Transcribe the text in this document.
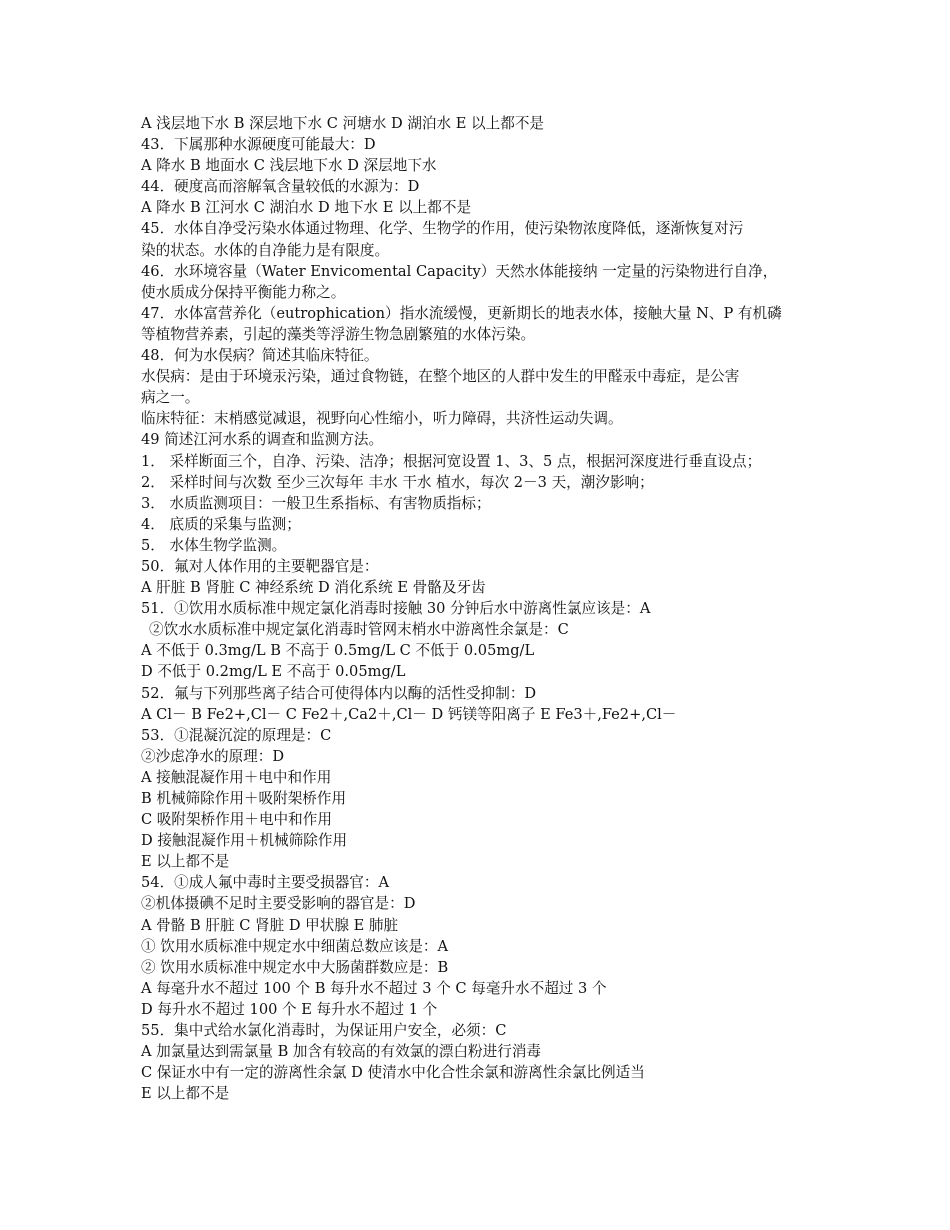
A 浅层地下水 B 深层地下水 C 河塘水 D 湖泊水 E 以上都不是
43．下属那种水源硬度可能最大：D
A 降水 B 地面水 C 浅层地下水 D 深层地下水
44．硬度高而溶解氧含量较低的水源为：D
A 降水 B 江河水 C 湖泊水 D 地下水 E 以上都不是
45．水体自净受污染水体通过物理、化学、生物学的作用，使污染物浓度降低，逐渐恢复对污
染的状态。水体的自净能力是有限度。
46．水环境容量（Water Envicomental Capacity）天然水体能接纳 一定量的污染物进行自净，
使水质成分保持平衡能力称之。
47．水体富营养化（eutrophication）指水流缓慢，更新期长的地表水体，接触大量 N、P 有机磷
等植物营养素，引起的藻类等浮游生物急剧繁殖的水体污染。
48．何为水俣病？简述其临床特征。
水俣病：是由于环境汞污染，通过食物链，在整个地区的人群中发生的甲醛汞中毒症，是公害
病之一。
临床特征：末梢感觉减退，视野向心性缩小，听力障碍，共济性运动失调。
49 简述江河水系的调查和监测方法。
1． 采样断面三个，自净、污染、洁净；根据河宽设置 1、3、5 点，根据河深度进行垂直设点；
2． 采样时间与次数 至少三次每年 丰水 干水 植水，每次 2－3 天，潮汐影响；
3． 水质监测项目：一般卫生系指标、有害物质指标；
4． 底质的采集与监测；
5． 水体生物学监测。
50．氟对人体作用的主要靶器官是：
A 肝脏 B 肾脏 C 神经系统 D 消化系统 E 骨骼及牙齿
51．①饮用水质标准中规定氯化消毒时接触 30 分钟后水中游离性氯应该是：A
②饮水水质标准中规定氯化消毒时管网末梢水中游离性余氯是：C
A 不低于 0.3mg/L B 不高于 0.5mg/L C 不低于 0.05mg/L
D 不低于 0.2mg/L E 不高于 0.05mg/L
52．氟与下列那些离子结合可使得体内以酶的活性受抑制：D
A Cl－ B Fe2+,Cl－ C Fe2＋,Ca2＋,Cl－ D 钙镁等阳离子 E Fe3＋,Fe2+,Cl－
53．①混凝沉淀的原理是：C
②沙虑净水的原理：D
A 接触混凝作用＋电中和作用
B 机械筛除作用＋吸附架桥作用
C 吸附架桥作用＋电中和作用
D 接触混凝作用＋机械筛除作用
E 以上都不是
54．①成人氟中毒时主要受损器官：A
②机体摄碘不足时主要受影响的器官是：D
A 骨骼 B 肝脏 C 肾脏 D 甲状腺 E 肺脏
① 饮用水质标准中规定水中细菌总数应该是：A
② 饮用水质标准中规定水中大肠菌群数应是：B
A 每毫升水不超过 100 个 B 每升水不超过 3 个 C 每毫升水不超过 3 个
D 每升水不超过 100 个 E 每升水不超过 1 个
55．集中式给水氯化消毒时，为保证用户安全，必须：C
A 加氯量达到需氯量 B 加含有较高的有效氯的漂白粉进行消毒
C 保证水中有一定的游离性余氯 D 使清水中化合性余氯和游离性余氯比例适当
E 以上都不是
